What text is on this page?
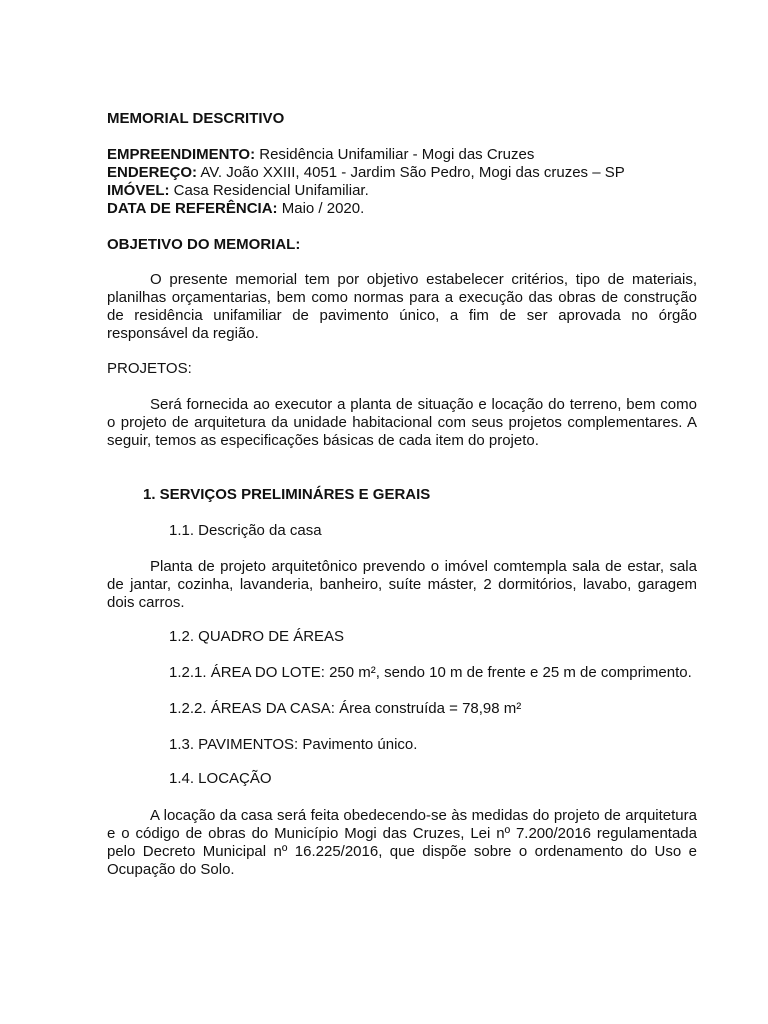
MEMORIAL DESCRITIVO
EMPREENDIMENTO: Residência Unifamiliar - Mogi das Cruzes
ENDEREÇO: AV. João XXIII, 4051 - Jardim São Pedro, Mogi das cruzes – SP
IMÓVEL: Casa Residencial Unifamiliar.
DATA DE REFERÊNCIA: Maio / 2020.
OBJETIVO DO MEMORIAL:
O presente memorial tem por objetivo estabelecer critérios, tipo de materiais, planilhas orçamentarias, bem como normas para a execução das obras de construção de residência unifamiliar de pavimento único, a fim de ser aprovada no órgão responsável da região.
PROJETOS:
Será fornecida ao executor a planta de situação e locação do terreno, bem como o projeto de arquitetura da unidade habitacional com seus projetos complementares. A seguir, temos as especificações básicas de cada item do projeto.
1. SERVIÇOS PRELIMINÁRES E GERAIS
1.1. Descrição da casa
Planta de projeto arquitetônico prevendo o imóvel comtempla sala de estar, sala de jantar, cozinha, lavanderia, banheiro, suíte máster, 2 dormitórios, lavabo, garagem dois carros.
1.2. QUADRO DE ÁREAS
1.2.1. ÁREA DO LOTE: 250 m², sendo 10 m de frente e 25 m de comprimento.
1.2.2. ÁREAS DA CASA: Área construída = 78,98 m²
1.3. PAVIMENTOS: Pavimento único.
1.4. LOCAÇÃO
A locação da casa será feita obedecendo-se às medidas do projeto de arquitetura e o código de obras do Município Mogi das Cruzes, Lei nº 7.200/2016 regulamentada pelo Decreto Municipal nº 16.225/2016, que dispõe sobre o ordenamento do Uso e Ocupação do Solo.
